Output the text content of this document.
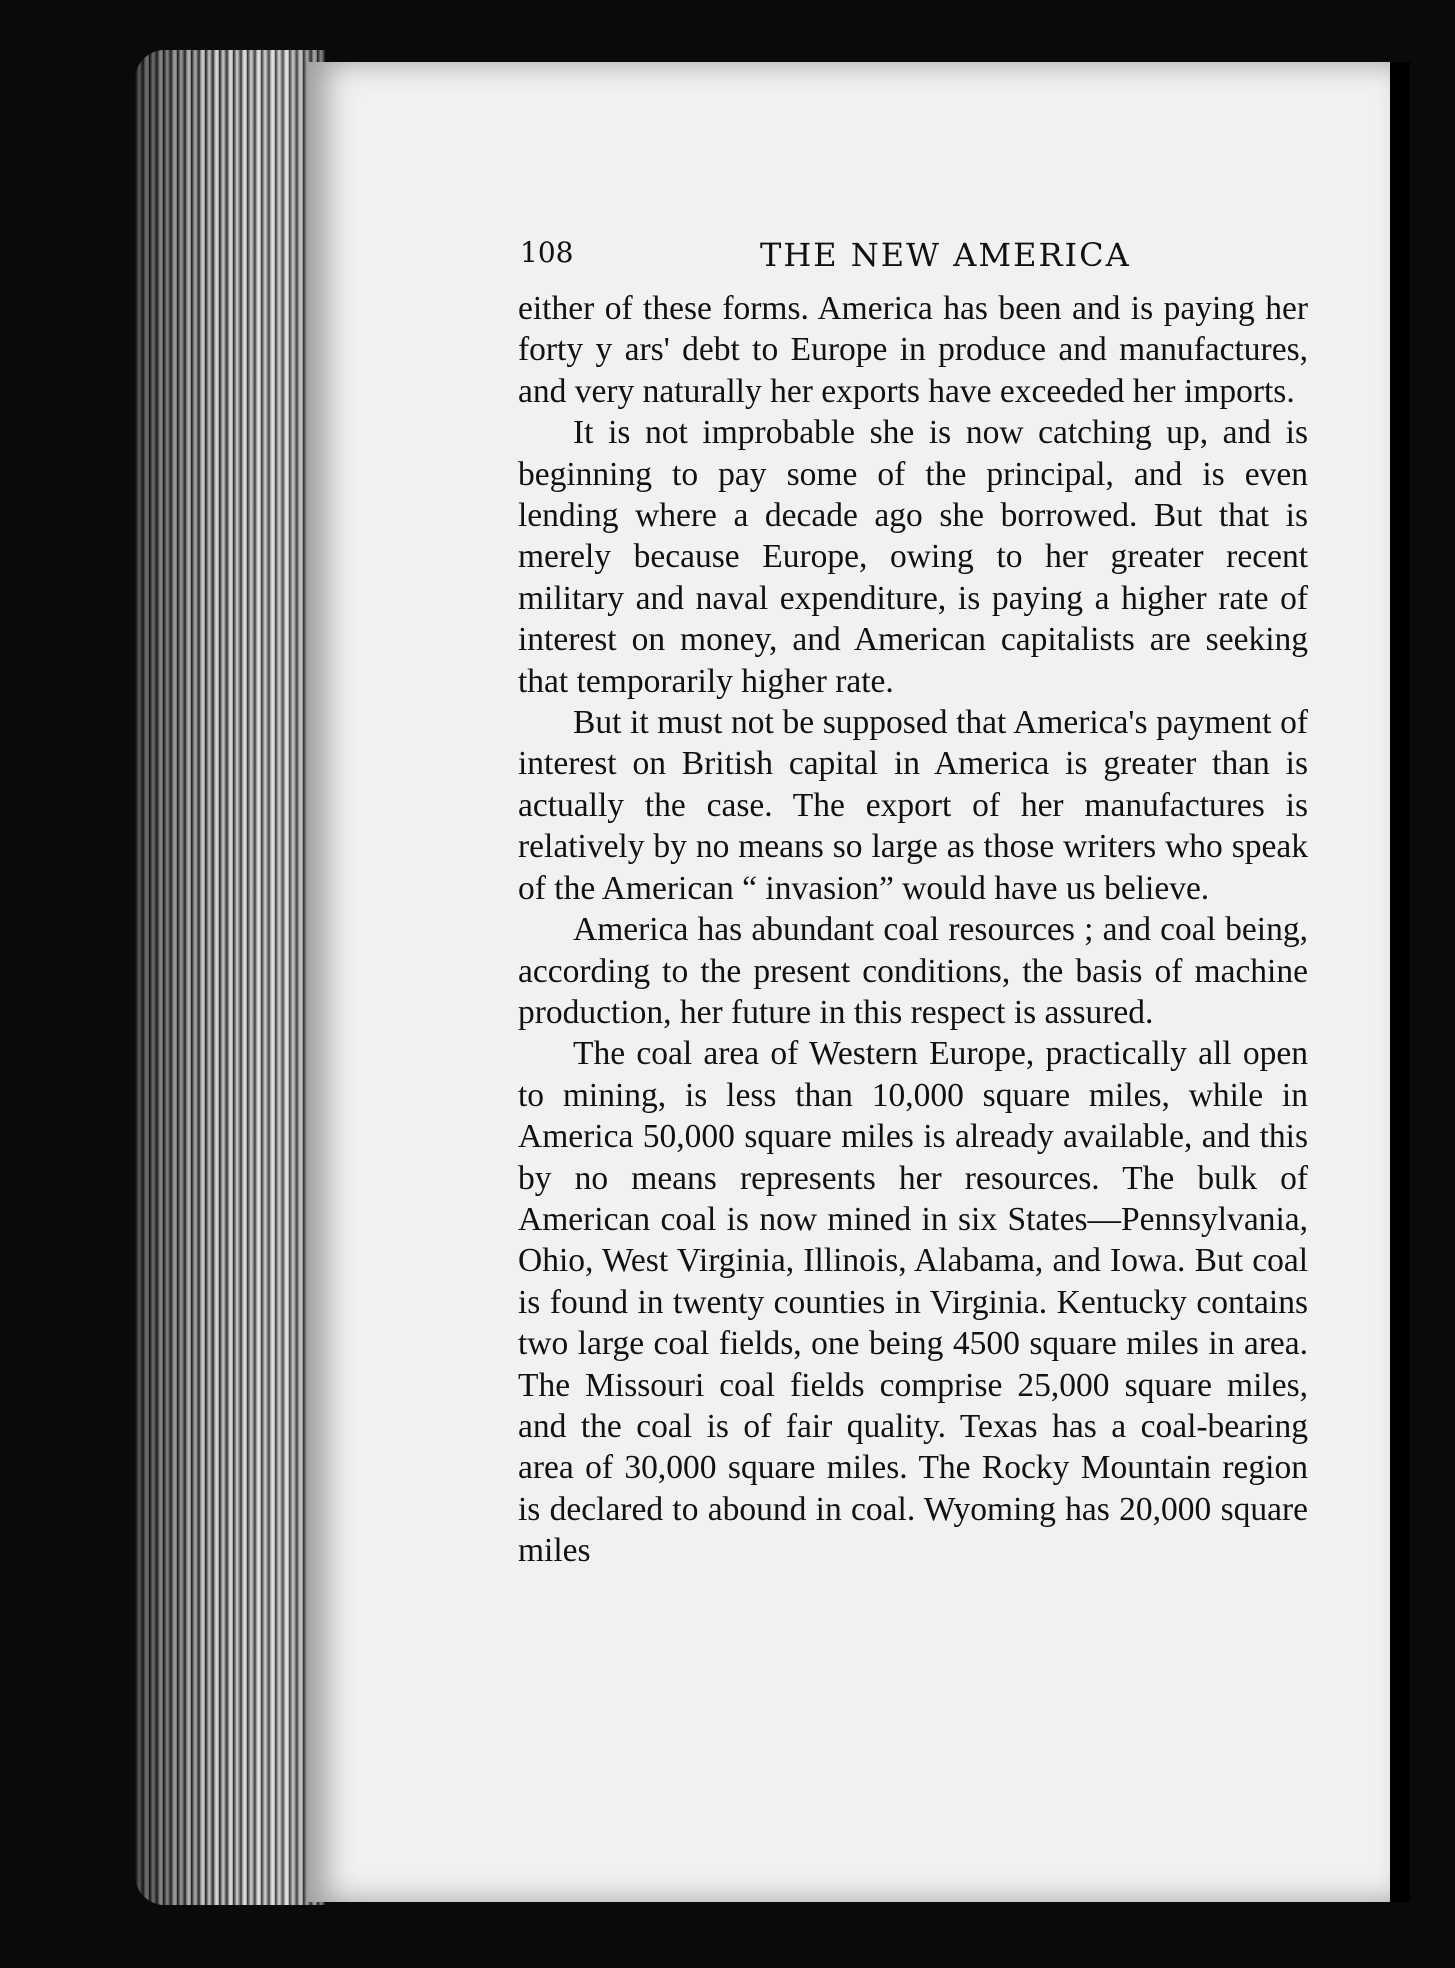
108	THE NEW AMERICA

either of these forms. America has been and is paying her forty y ars' debt to Europe in produce and manufactures, and very naturally her exports have exceeded her imports.

It is not improbable she is now catching up, and is beginning to pay some of the principal, and is even lending where a decade ago she borrowed. But that is merely because Europe, owing to her greater recent military and naval expenditure, is paying a higher rate of interest on money, and American capitalists are seeking that temporarily higher rate.

But it must not be supposed that America's payment of interest on British capital in America is greater than is actually the case. The export of her manufactures is relatively by no means so large as those writers who speak of the American “ invasion” would have us believe.

America has abundant coal resources ; and coal being, according to the present conditions, the basis of machine production, her future in this respect is assured.

The coal area of Western Europe, practically all open to mining, is less than 10,000 square miles, while in America 50,000 square miles is already available, and this by no means represents her resources. The bulk of American coal is now mined in six States—Pennsylvania, Ohio, West Virginia, Illinois, Alabama, and Iowa. But coal is found in twenty counties in Virginia. Kentucky contains two large coal fields, one being 4500 square miles in area. The Missouri coal fields comprise 25,000 square miles, and the coal is of fair quality. Texas has a coal-bearing area of 30,000 square miles. The Rocky Mountain region is declared to abound in coal. Wyoming has 20,000 square miles
